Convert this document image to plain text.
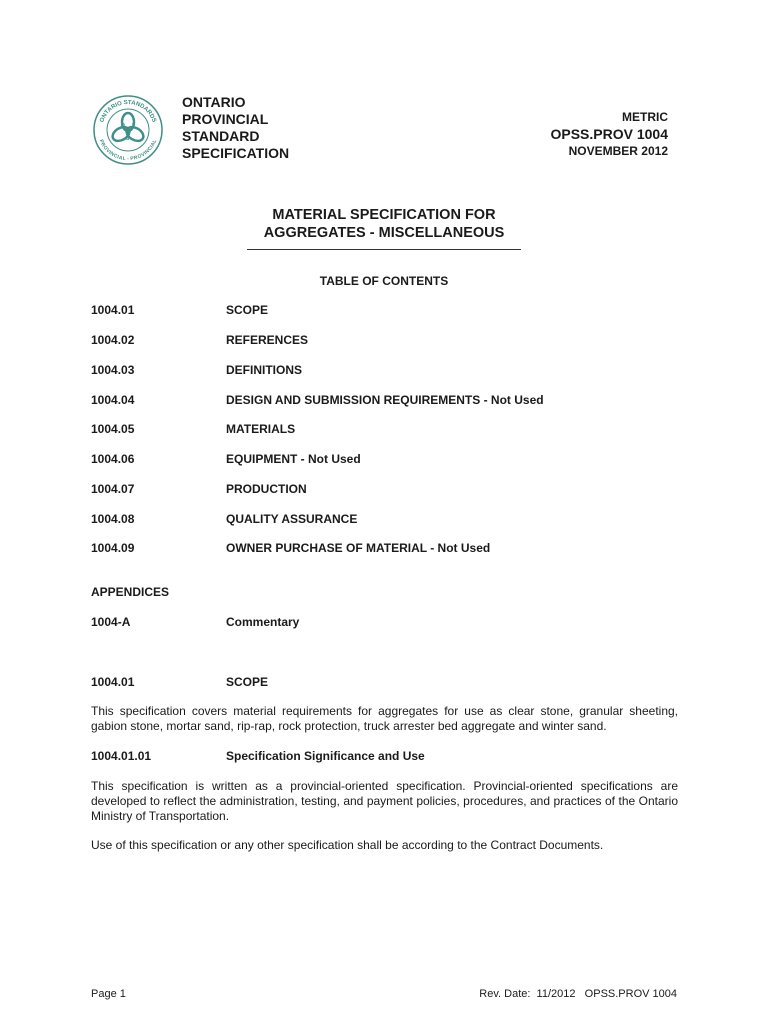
ONTARIO STANDARDS
PROVINCIAL - PROVINCIAL
O P
S
ONTARIO
PROVINCIAL
STANDARD
SPECIFICATION
METRIC
OPSS.PROV 1004
NOVEMBER 2012
MATERIAL SPECIFICATION FOR
AGGREGATES - MISCELLANEOUS
TABLE OF CONTENTS
1004.01	SCOPE
1004.02	REFERENCES
1004.03	DEFINITIONS
1004.04	DESIGN AND SUBMISSION REQUIREMENTS - Not Used
1004.05	MATERIALS
1004.06	EQUIPMENT - Not Used
1004.07	PRODUCTION
1004.08	QUALITY ASSURANCE
1004.09	OWNER PURCHASE OF MATERIAL - Not Used
APPENDICES
1004-A	Commentary
1004.01	SCOPE
This specification covers material requirements for aggregates for use as clear stone, granular sheeting, gabion stone, mortar sand, rip-rap, rock protection, truck arrester bed aggregate and winter sand.
1004.01.01	Specification Significance and Use
This specification is written as a provincial-oriented specification. Provincial-oriented specifications are developed to reflect the administration, testing, and payment policies, procedures, and practices of the Ontario Ministry of Transportation.
Use of this specification or any other specification shall be according to the Contract Documents.
Page 1	Rev. Date:  11/2012   OPSS.PROV 1004
